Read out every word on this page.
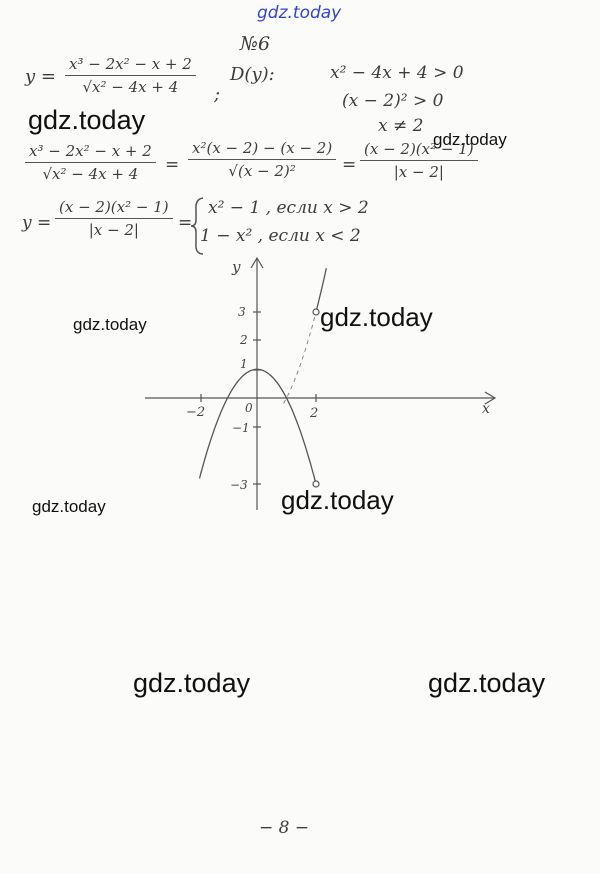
gdz.today
№6
$y = \frac{\text{x³ − 2x² − x + 2}}{\text{√x² − 4x + 4}}$ ;
D(y):	x² − 4x + 4 > 0
(x − 2)² > 0
x ≠ 2
$\frac{\text{x³ − 2x² − x + 2}}{\text{√x² − 4x + 4}} = \frac{\text{x²(x − 2) − (x − 2)}}{\text{√(x − 2)²}} = \frac{\text{(x − 2)(x² − 1)}}{|x - 2|}$
$y = \frac{\text{(x − 2)(x² − 1)}}{|x - 2|}$ =
x² − 1 , если x > 2
1 − x² , если x < 2
x
y
0
−2	2
3
2
1
−1
−3
gdz.today
gdz.today
gdz.today
gdz.today
gdz.today
gdz.today
gdz.today	gdz.today
− 8 −
